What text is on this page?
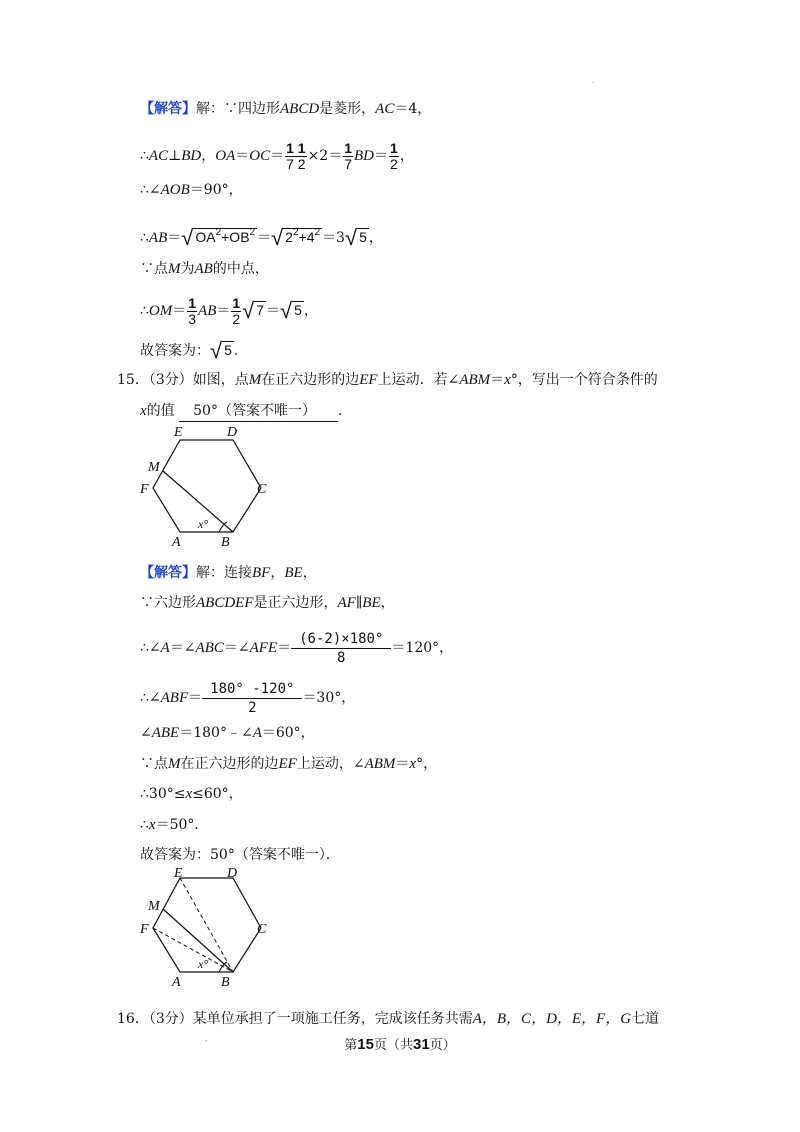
.
【解答】解：∵四边形ABCD是菱形，AC＝4，
∴AC⊥BD，$OA=OC= \frac{1 1}{7 2} \times 2= \frac{1}{7} BD= \frac{1}{2}$ ，
∴∠AOB＝90°，
∴AB＝√ $OA^2+OB^2$ ＝√ $2^2+4^2 =3√$ 5 ，
∵点M为AB的中点，
∴OM＝ $\frac{1}{3} AB= \frac{1}{2}$ √ 7 ＝√ 5 ，
故答案为：√ 5 .
15．（3分）如图，点M在正六边形的边EF上运动．若∠ABM＝x°，写出一个符合条件的
x的值 50°（答案不唯一） ．
E	D
M
F	C
A	B
x°
【解答】解：连接BF，BE，
∵六边形ABCDEF是正六边形，AF∥BE，
∴∠A＝∠ABC＝∠AFE＝ $\frac{(6-2)\times 180^\circ}{8} =120^\circ$，
∴∠ABF＝ $\frac{180^\circ -120^\circ}{2} =30^\circ$，
∠ABE＝180°﹣∠A＝60°，
∵点M在正六边形的边EF上运动，∠ABM＝x°，
∴30°≤x≤60°，
∴x＝50°．
故答案为：50°（答案不唯一）．
E	D
M
F	C
A	B
x°
16．（3分）某单位承担了一项施工任务，完成该任务共需A，B，C，D，E，F，G七道
.	第15页（共31页）
